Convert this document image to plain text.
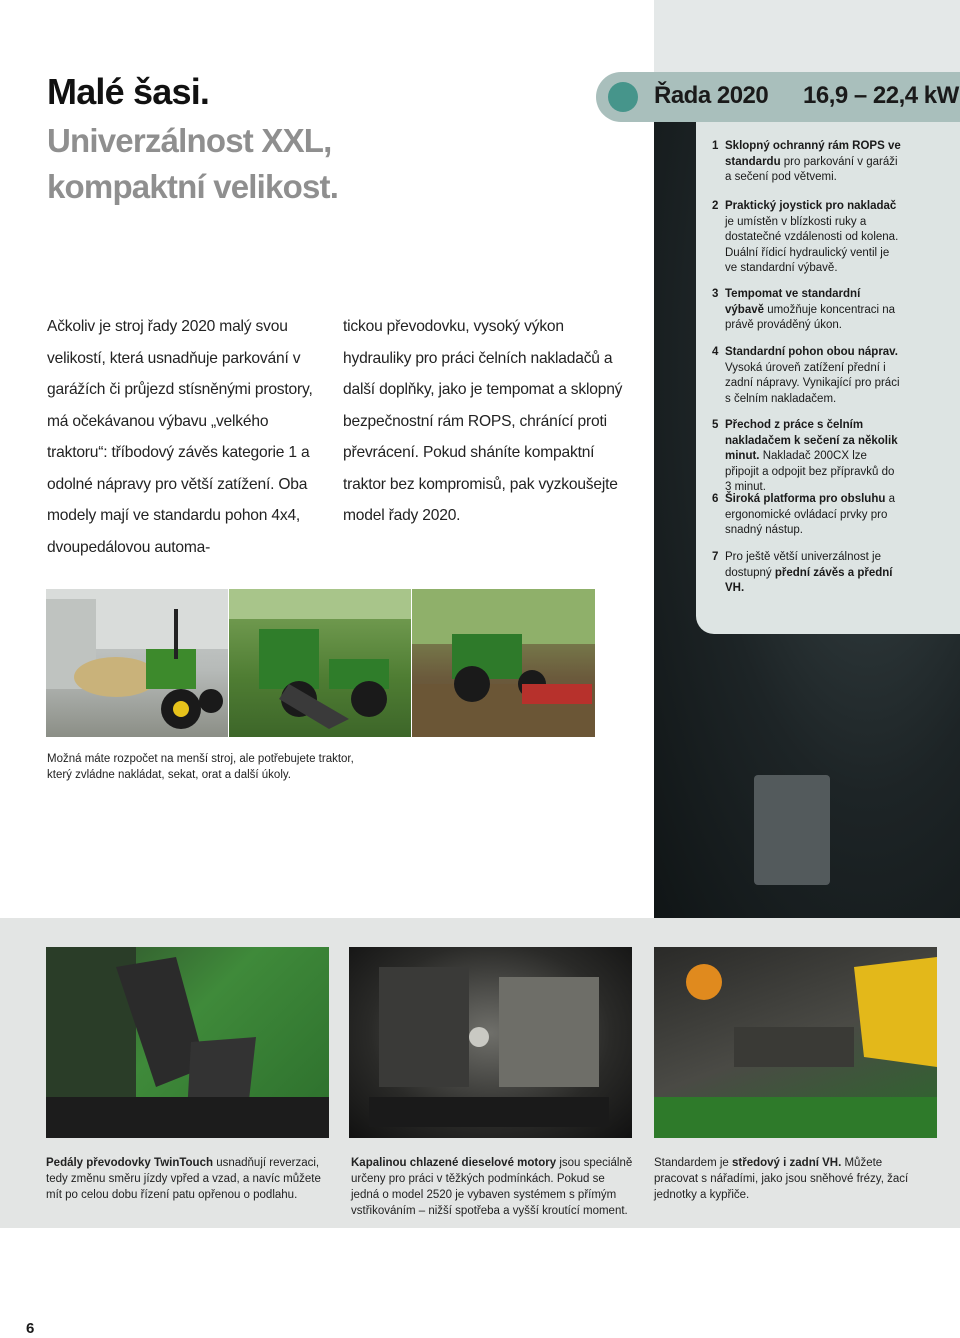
Řada 2020 16,9 – 22,4 kW
1 Sklopný ochranný rám ROPS ve standardu pro parkování v garáži a sečení pod větvemi.
2 Praktický joystick pro nakladač je umístěn v blízkosti ruky a dostatečné vzdálenosti od kolena. Duální řídicí hydraulický ventil je ve standardní výbavě.
3 Tempomat ve standardní výbavě umožňuje koncentraci na právě prováděný úkon.
4 Standardní pohon obou náprav. Vysoká úroveň zatížení přední i zadní nápravy. Vynikající pro práci s čelním nakladačem.
5 Přechod z práce s čelním nakladačem k sečení za několik minut. Nakladač 200CX lze připojit a odpojit bez přípravků do 3 minut.
6 Široká platforma pro obsluhu a ergonomické ovládací prvky pro snadný nástup.
7 Pro ještě větší univerzálnost je dostupný přední závěs a přední VH.
Malé šasi.
Univerzálnost XXL, kompaktní velikost.
Ačkoliv je stroj řady 2020 malý svou velikostí, která usnadňuje parkování v garážích či průjezd stísněnými prostory, má očekávanou výbavu „velkého traktoru“: tříbodový závěs kategorie 1 a odolné nápravy pro větší zatížení. Oba modely mají ve standardu pohon 4x4, dvoupedálovou automa-
tickou převodovku, vysoký výkon hydrauliky pro práci čelních nakladačů a další doplňky, jako je tempomat a sklopný bezpečnostní rám ROPS, chránící proti převrácení. Pokud sháníte kompaktní traktor bez kompromisů, pak vyzkoušejte model řady 2020.
Možná máte rozpočet na menší stroj, ale potřebujete traktor, který zvládne nakládat, sekat, orat a další úkoly.
Pedály převodovky TwinTouch usnadňují reverzaci, tedy změnu směru jízdy vpřed a vzad, a navíc můžete mít po celou dobu řízení patu opřenou o podlahu.
Kapalinou chlazené dieselové motory jsou speciálně určeny pro práci v těžkých podmínkách. Pokud se jedná o model 2520 je vybaven systémem s přímým vstřikováním – nižší spotřeba a vyšší kroutící moment.
Standardem je středový i zadní VH. Můžete pracovat s nářadími, jako jsou sněhové frézy, žací jednotky a kypřiče.
6
